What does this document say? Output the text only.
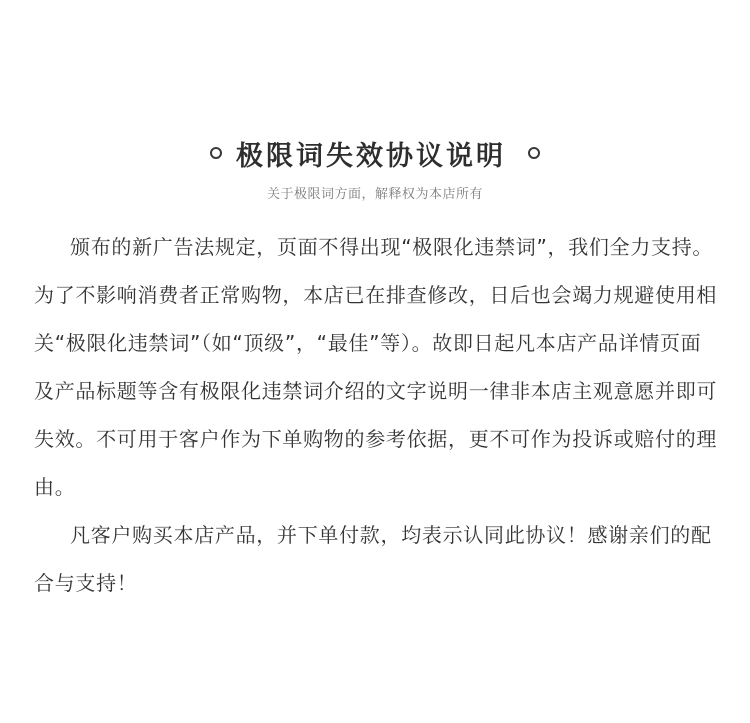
极限词失效协议说明
关于极限词方面，解释权为本店所有
颁布的新广告法规定，页面不得出现“极限化违禁词”，我们全力支持。
为了不影响消费者正常购物，本店已在排查修改，日后也会竭力规避使用相
关“极限化违禁词”（如“顶级”，“最佳”等）。故即日起凡本店产品详情页面
及产品标题等含有极限化违禁词介绍的文字说明一律非本店主观意愿并即可
失效。不可用于客户作为下单购物的参考依据，更不可作为投诉或赔付的理
由。
凡客户购买本店产品，并下单付款，均表示认同此协议！感谢亲们的配
合与支持！
